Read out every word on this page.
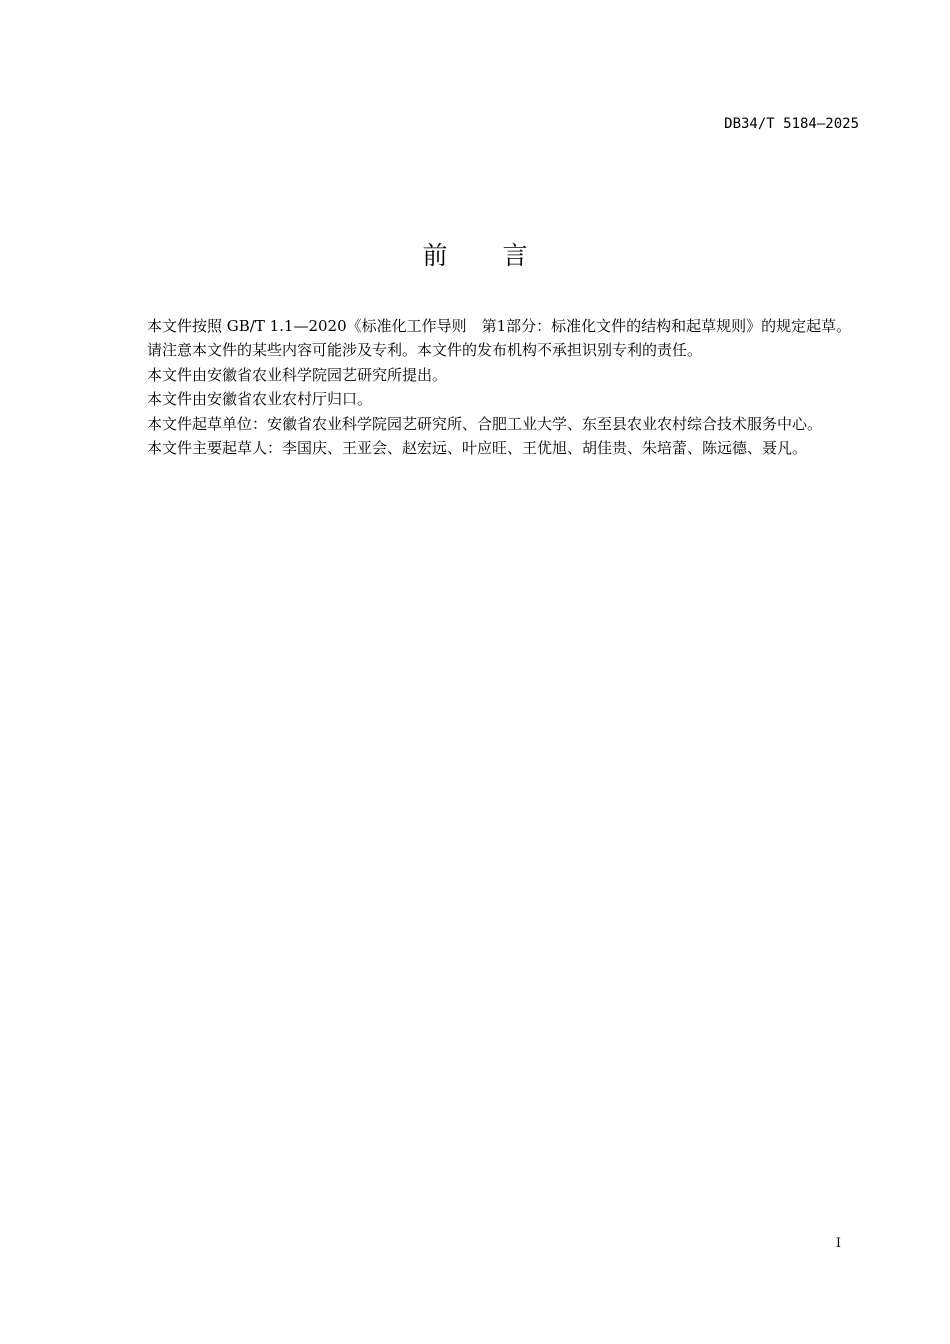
DB34/T 5184—2025
前言

本文件按照 GB/T 1.1—2020《标准化工作导则　第1部分：标准化文件的结构和起草规则》的规定起草。

请注意本文件的某些内容可能涉及专利。本文件的发布机构不承担识别专利的责任。

本文件由安徽省农业科学院园艺研究所提出。

本文件由安徽省农业农村厅归口。

本文件起草单位：安徽省农业科学院园艺研究所、合肥工业大学、东至县农业农村综合技术服务中心。

本文件主要起草人：李国庆、王亚会、赵宏远、叶应旺、王优旭、胡佳贵、朱培蕾、陈远德、聂凡。

I
